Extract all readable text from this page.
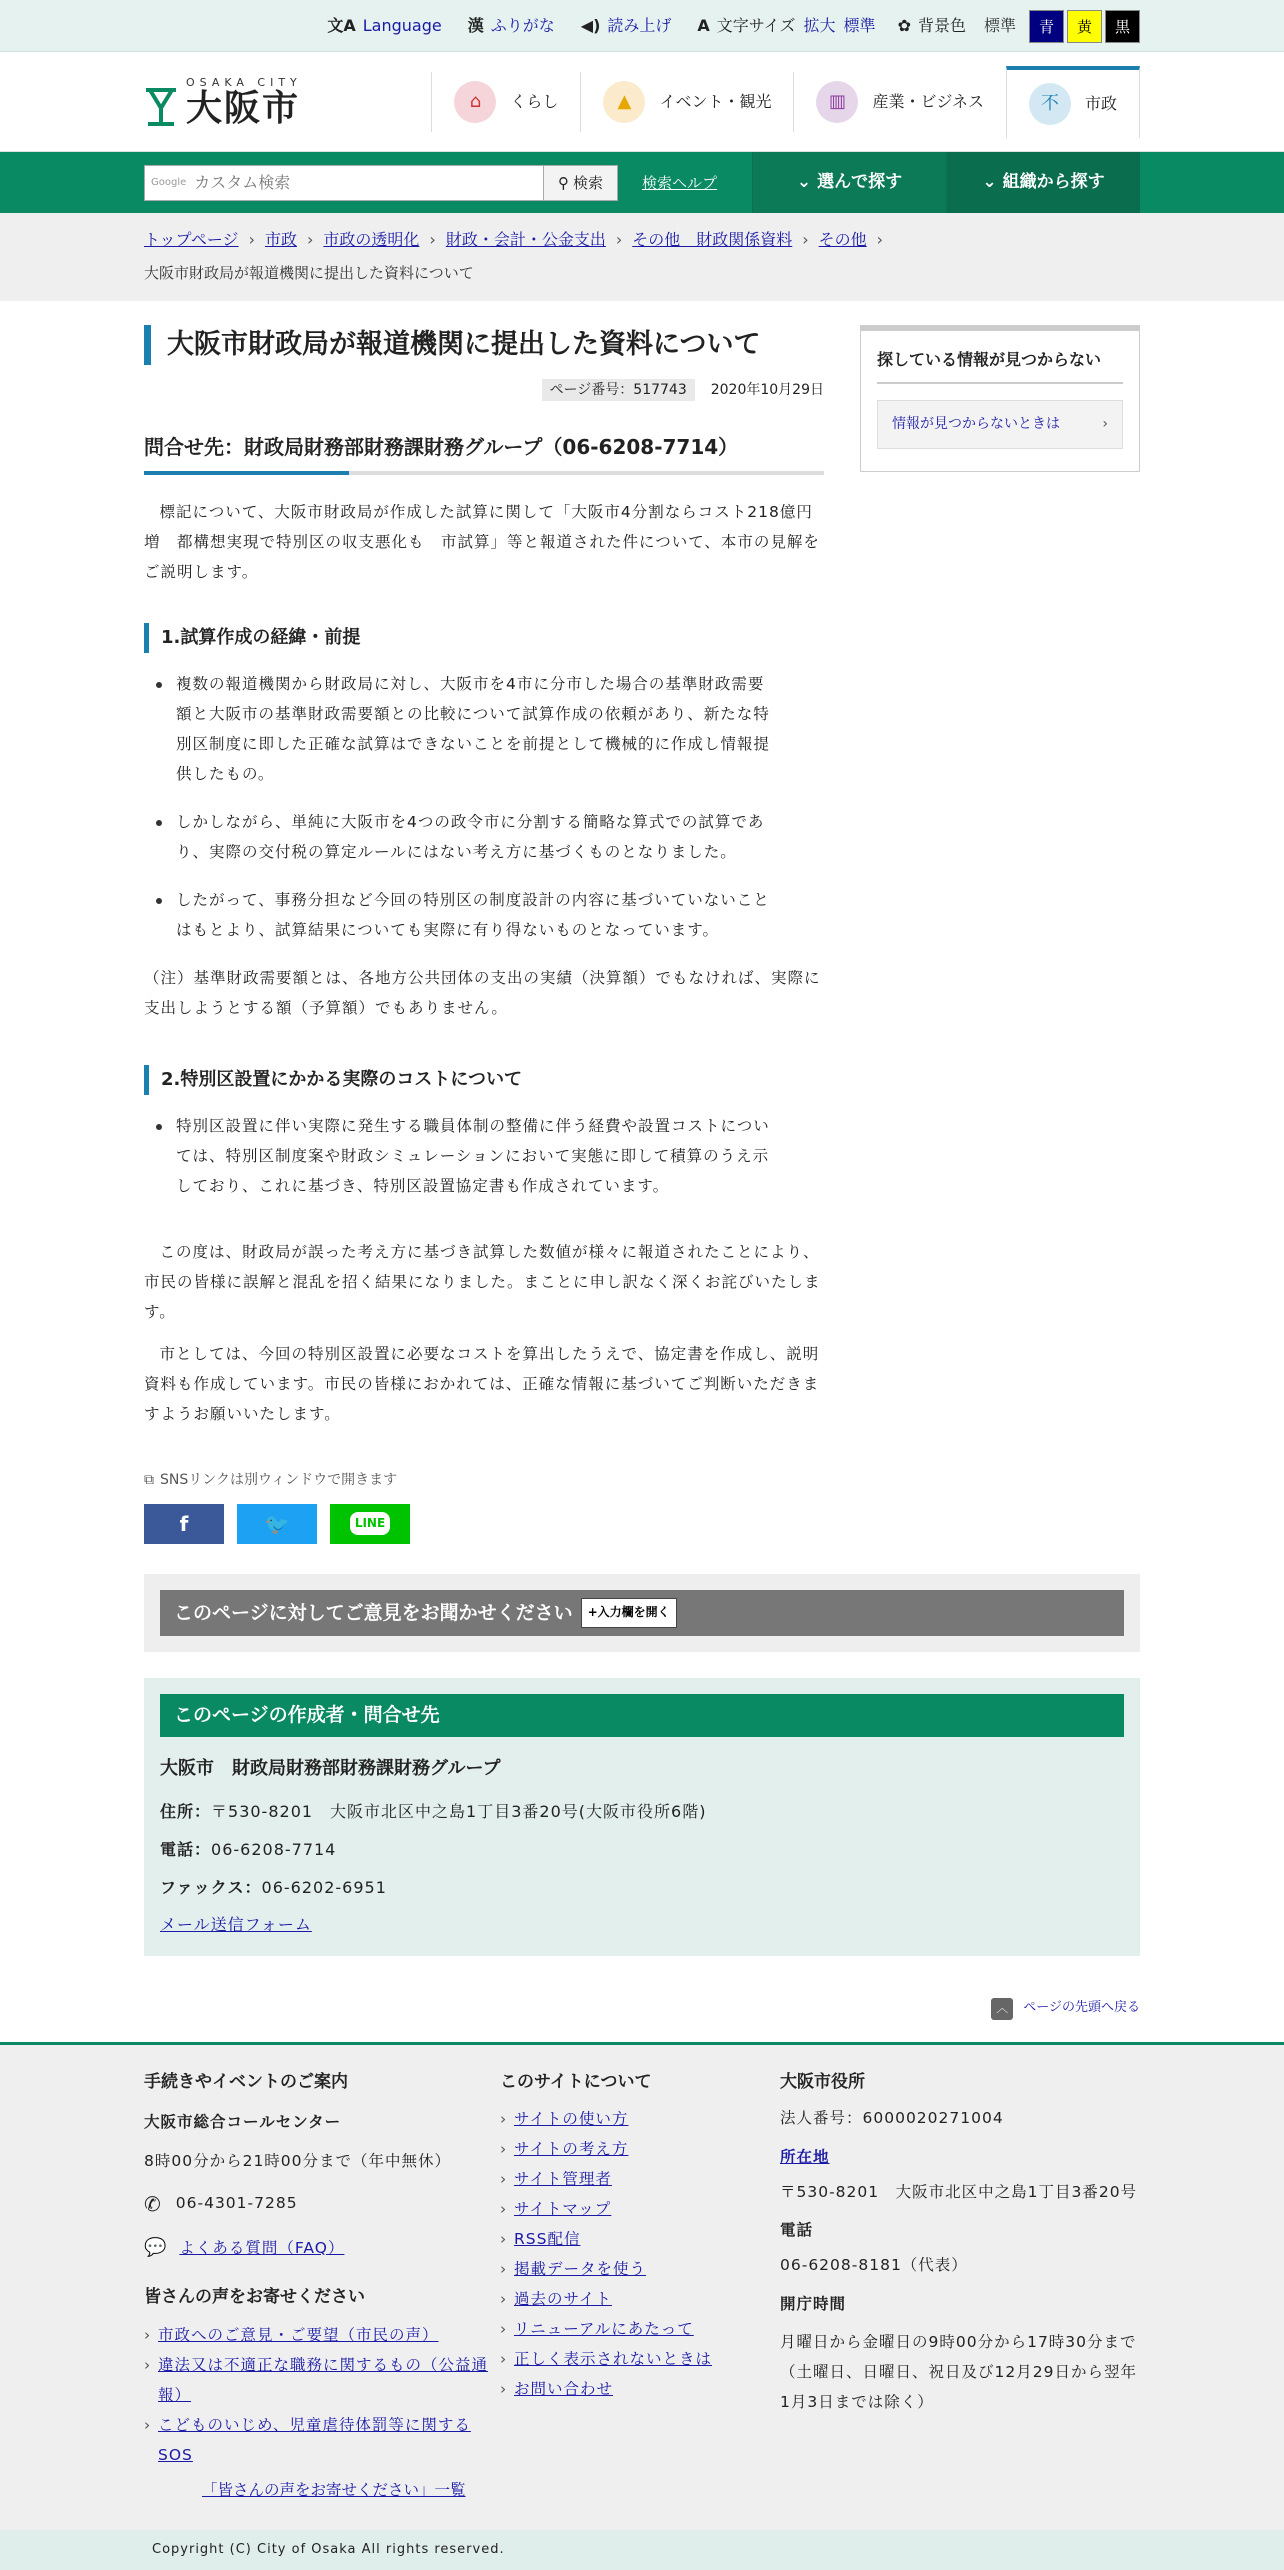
文A Language 漢 ふりがな ◀) 読み上げ A 文字サイズ 拡大 標準 ✿ 背景色 標準	青	黄	黒
OSAKA CITY
大阪市	⌂	くらし	▲	イベント・観光	▥	産業・ビジネス	不	市政
Google カスタム検索	⚲ 検索	検索ヘルプ	⌄ 選んで探す	⌄ 組織から探す
トップページ › 市政 › 市政の透明化 › 財政・会計・公金支出 › その他　財政関係資料 › その他 ›
大阪市財政局が報道機関に提出した資料について
大阪市財政局が報道機関に提出した資料について
ページ番号：517743 2020年10月29日
問合せ先：財政局財務部財務課財務グループ（06-6208-7714）

標記について、大阪市財政局が作成した試算に関して「大阪市4分割ならコスト218億円増　都構想実現で特別区の収支悪化も　市試算」等と報道された件について、本市の見解をご説明します。

1.試算作成の経緯・前提
複数の報道機関から財政局に対し、大阪市を4市に分市した場合の基準財政需要額と大阪市の基準財政需要額との比較について試算作成の依頼があり、新たな特別区制度に即した正確な試算はできないことを前提として機械的に作成し情報提供したもの。
しかしながら、単純に大阪市を4つの政令市に分割する簡略な算式での試算であり、実際の交付税の算定ルールにはない考え方に基づくものとなりました。
したがって、事務分担など今回の特別区の制度設計の内容に基づいていないことはもとより、試算結果についても実際に有り得ないものとなっています。

（注）基準財政需要額とは、各地方公共団体の支出の実績（決算額）でもなければ、実際に支出しようとする額（予算額）でもありません。

2.特別区設置にかかる実際のコストについて
特別区設置に伴い実際に発生する職員体制の整備に伴う経費や設置コストについては、特別区制度案や財政シミュレーションにおいて実態に即して積算のうえ示しており、これに基づき、特別区設置協定書も作成されています。

この度は、財政局が誤った考え方に基づき試算した数値が様々に報道されたことにより、市民の皆様に誤解と混乱を招く結果になりました。まことに申し訳なく深くお詫びいたします。

市としては、今回の特別区設置に必要なコストを算出したうえで、協定書を作成し、説明資料も作成しています。市民の皆様におかれては、正確な情報に基づいてご判断いただきますようお願いいたします。

⧉ SNSリンクは別ウィンドウで開きます
f	🐦	LINE
探している情報が見つからない
情報が見つからないときは	›
このページに対してご意見をお聞かせください	+入力欄を開く
このページの作成者・問合せ先
大阪市　財政局財務部財務課財務グループ
住所：〒530-8201　大阪市北区中之島1丁目3番20号(大阪市役所6階)
電話：06-6208-7714
ファックス：06-6202-6951
メール送信フォーム
︿	ページの先頭へ戻る
手続きやイベントのご案内
大阪市総合コールセンター
8時00分から21時00分まで（年中無休）
✆ 06-4301-7285
💬 よくある質問（FAQ）
皆さんの声をお寄せください
› 市政へのご意見・ご要望（市民の声）
› 違法又は不適正な職務に関するもの（公益通報）
› こどものいじめ、児童虐待体罰等に関するSOS
「皆さんの声をお寄せください」一覧
このサイトについて
› サイトの使い方
› サイトの考え方
› サイト管理者
› サイトマップ
› RSS配信
› 掲載データを使う
› 過去のサイト
› リニューアルにあたって
› 正しく表示されないときは
› お問い合わせ
大阪市役所
法人番号：6000020271004
所在地
〒530-8201　大阪市北区中之島1丁目3番20号
電話
06-6208-8181（代表）
開庁時間
月曜日から金曜日の9時00分から17時30分まで
（土曜日、日曜日、祝日及び12月29日から翌年1月3日までは除く）
Copyright (C) City of Osaka All rights reserved.
